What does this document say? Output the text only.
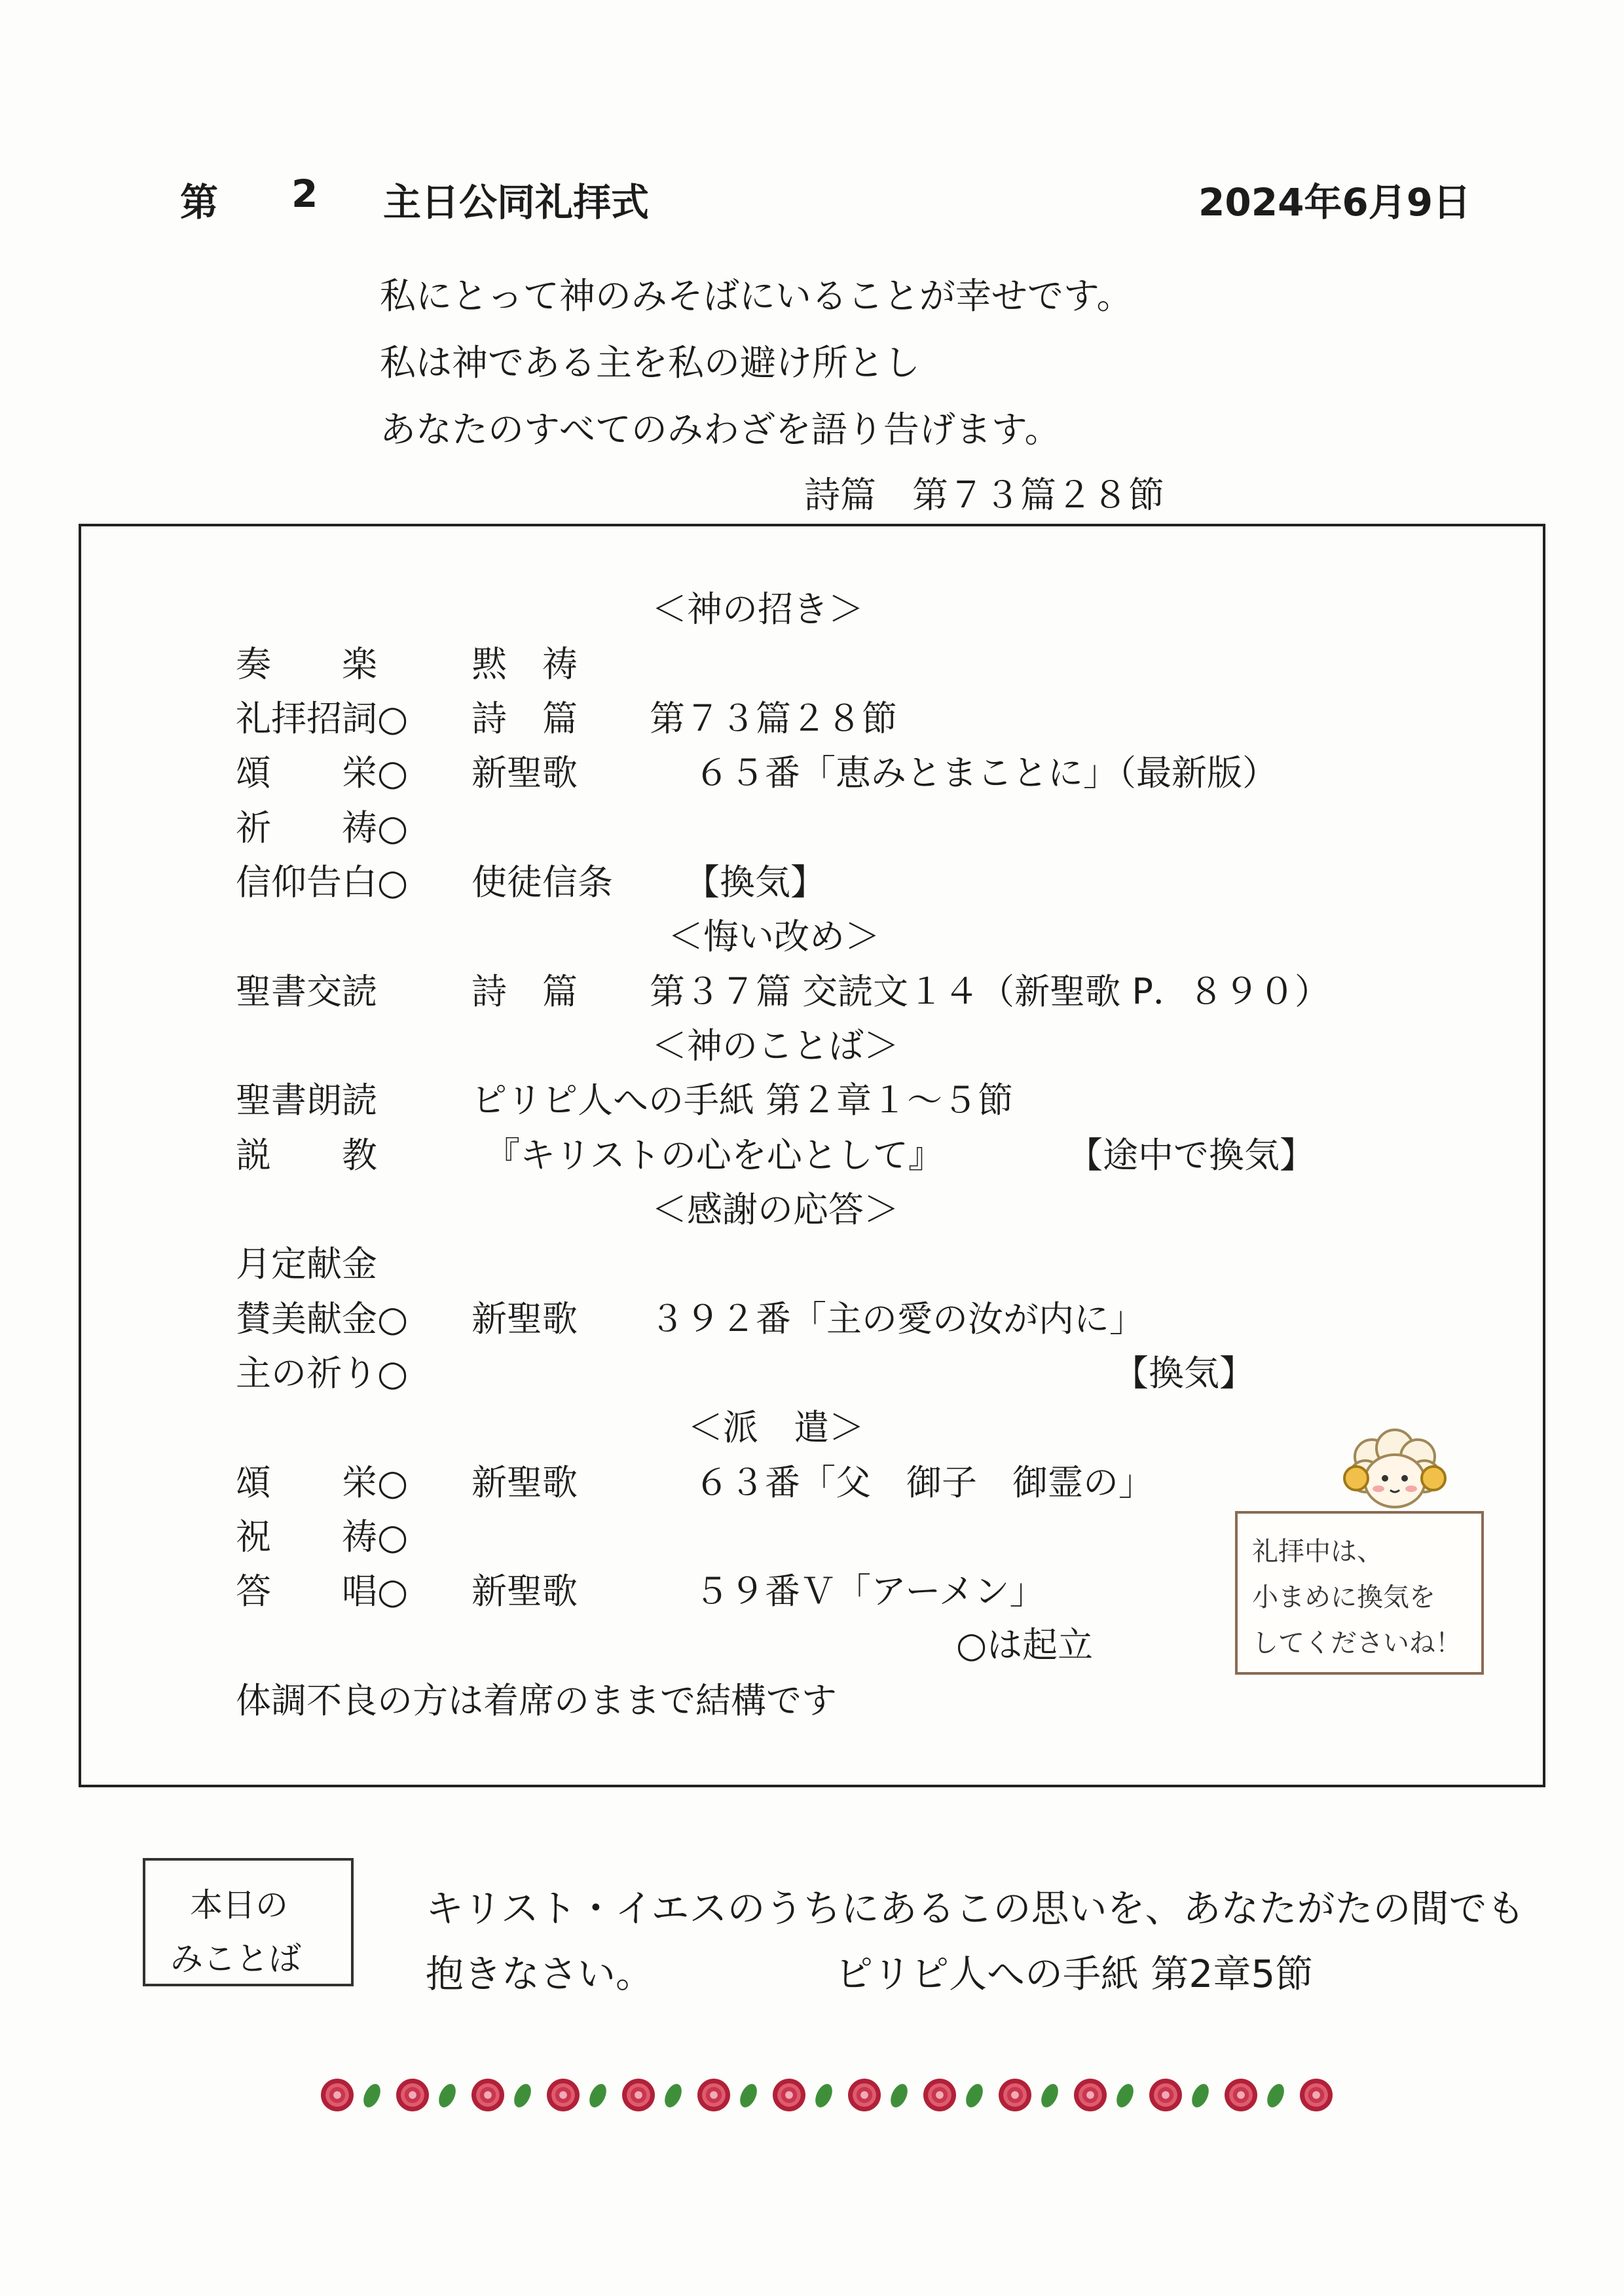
第 2 主日公同礼拝式	2024年6月9日
私にとって神のみそばにいることが幸せです。
私は神である主を私の避け所とし
あなたのすべてのみわざを語り告げます。
詩篇　第７３篇２８節
＜神の招き＞
奏　　楽	黙　祷
礼拝招詞○ 詩　篇 第７３篇２８節
頌　　栄○ 新聖歌	６５番「恵みとまことに」（最新版）
祈　　祷○
信仰告白○ 使徒信条 【換気】
＜悔い改め＞
聖書交読	詩　篇 第３７篇 交読文１４（新聖歌 P．８９０）
＜神のことば＞
聖書朗読	ピリピ人への手紙 第２章１～５節
説　　教	『キリストの心を心として』	【途中で換気】
＜感謝の応答＞
月定献金
賛美献金○ 新聖歌 ３９２番「主の愛の汝が内に」
主の祈り○	【換気】
＜派　遣＞
頌　　栄○ 新聖歌	６３番「父　御子　御霊の」
祝　　祷○
答　　唱○ 新聖歌	５９番Ｖ「アーメン」
○は起立
体調不良の方は着席のままで結構です
礼拝中は、
小まめに換気を
してくださいね！
本日の
みことば
キリスト・イエスのうちにあるこの思いを、あなたがたの間でも
抱きなさい。	ピリピ人への手紙 第2章5節
